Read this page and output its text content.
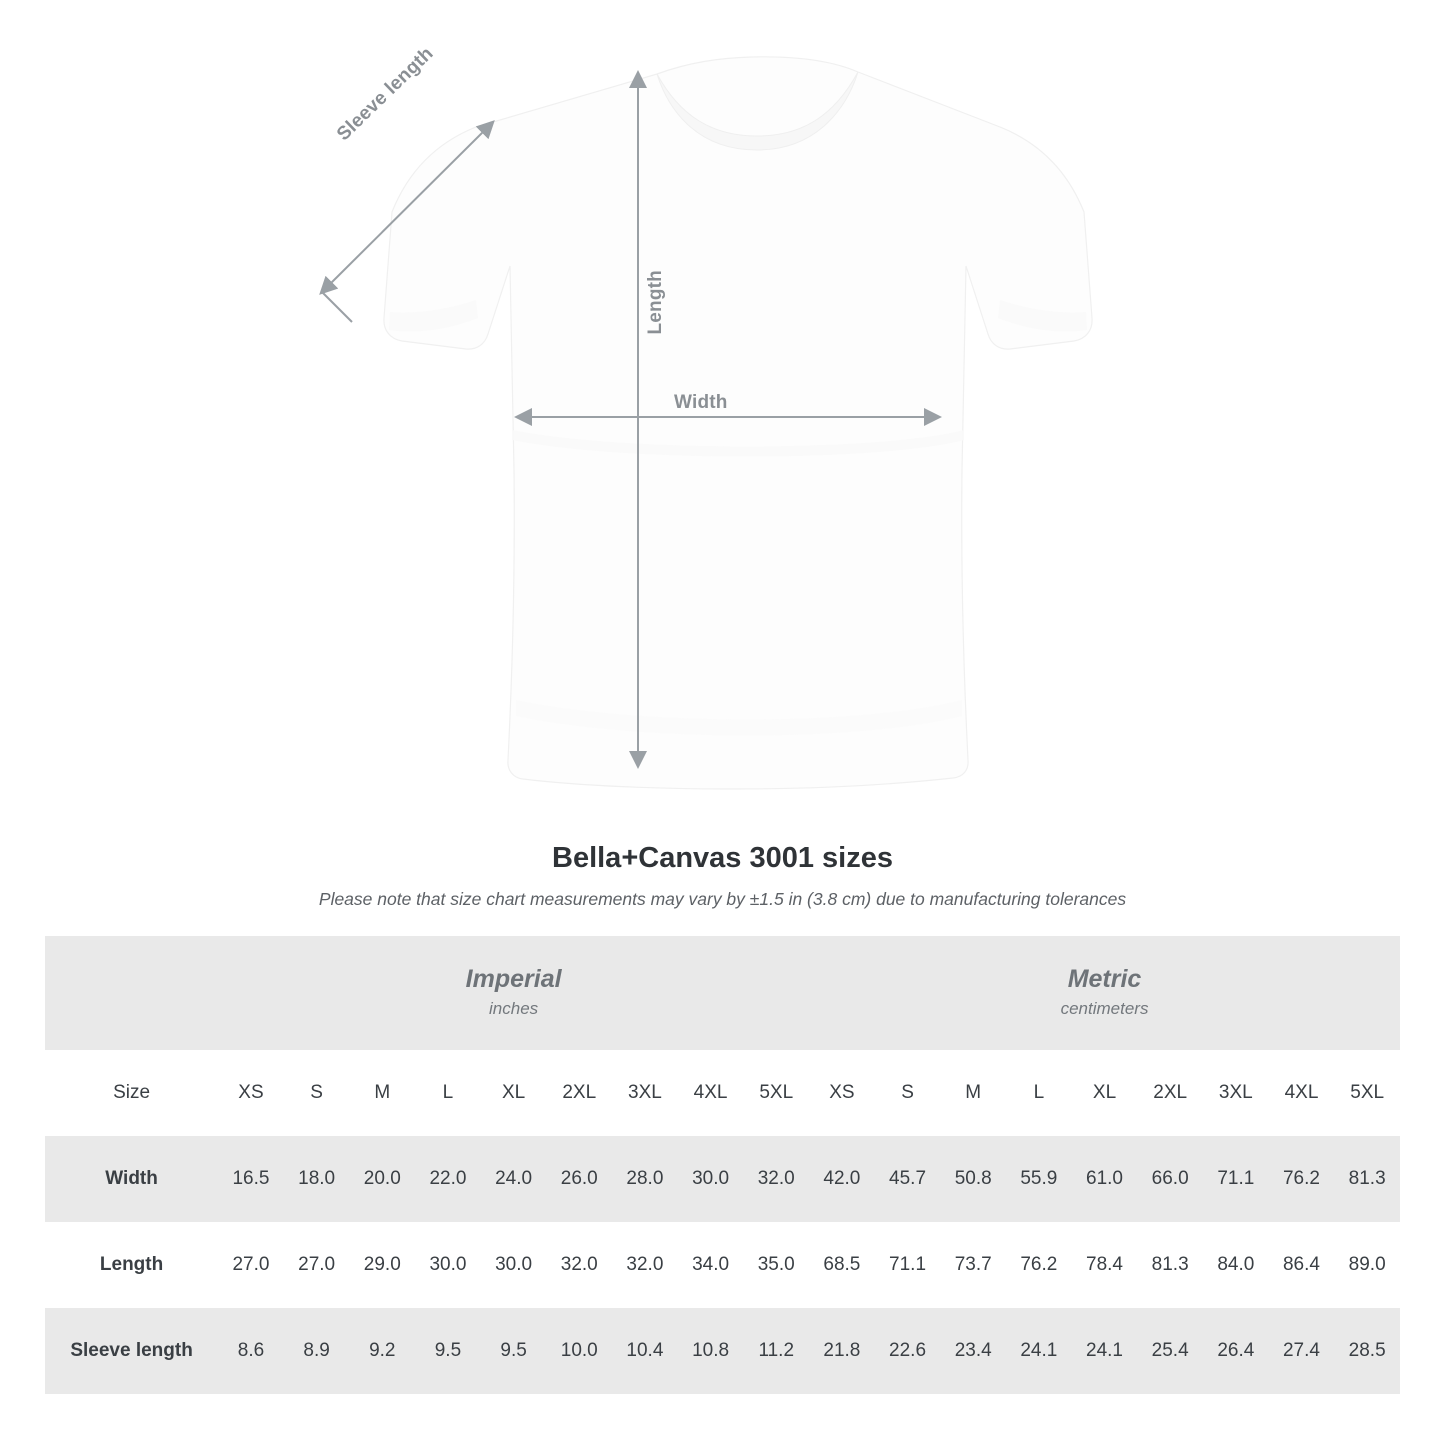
Width
Length
Sleeve length
Bella+Canvas 3001 sizes

Please note that size chart measurements may vary by ±1.5 in (3.8 cm) due to manufacturing tolerances

	Imperial
inches									Metric
centimeters								

Size	XS	S	M	L	XL	2XL	3XL	4XL	5XL	XS	S	M	L	XL	2XL	3XL	4XL	5XL
Width	16.5	18.0	20.0	22.0	24.0	26.0	28.0	30.0	32.0	42.0	45.7	50.8	55.9	61.0	66.0	71.1	76.2	81.3
Length	27.0	27.0	29.0	30.0	30.0	32.0	32.0	34.0	35.0	68.5	71.1	73.7	76.2	78.4	81.3	84.0	86.4	89.0
Sleeve length	8.6	8.9	9.2	9.5	9.5	10.0	10.4	10.8	11.2	21.8	22.6	23.4	24.1	24.1	25.4	26.4	27.4	28.5
